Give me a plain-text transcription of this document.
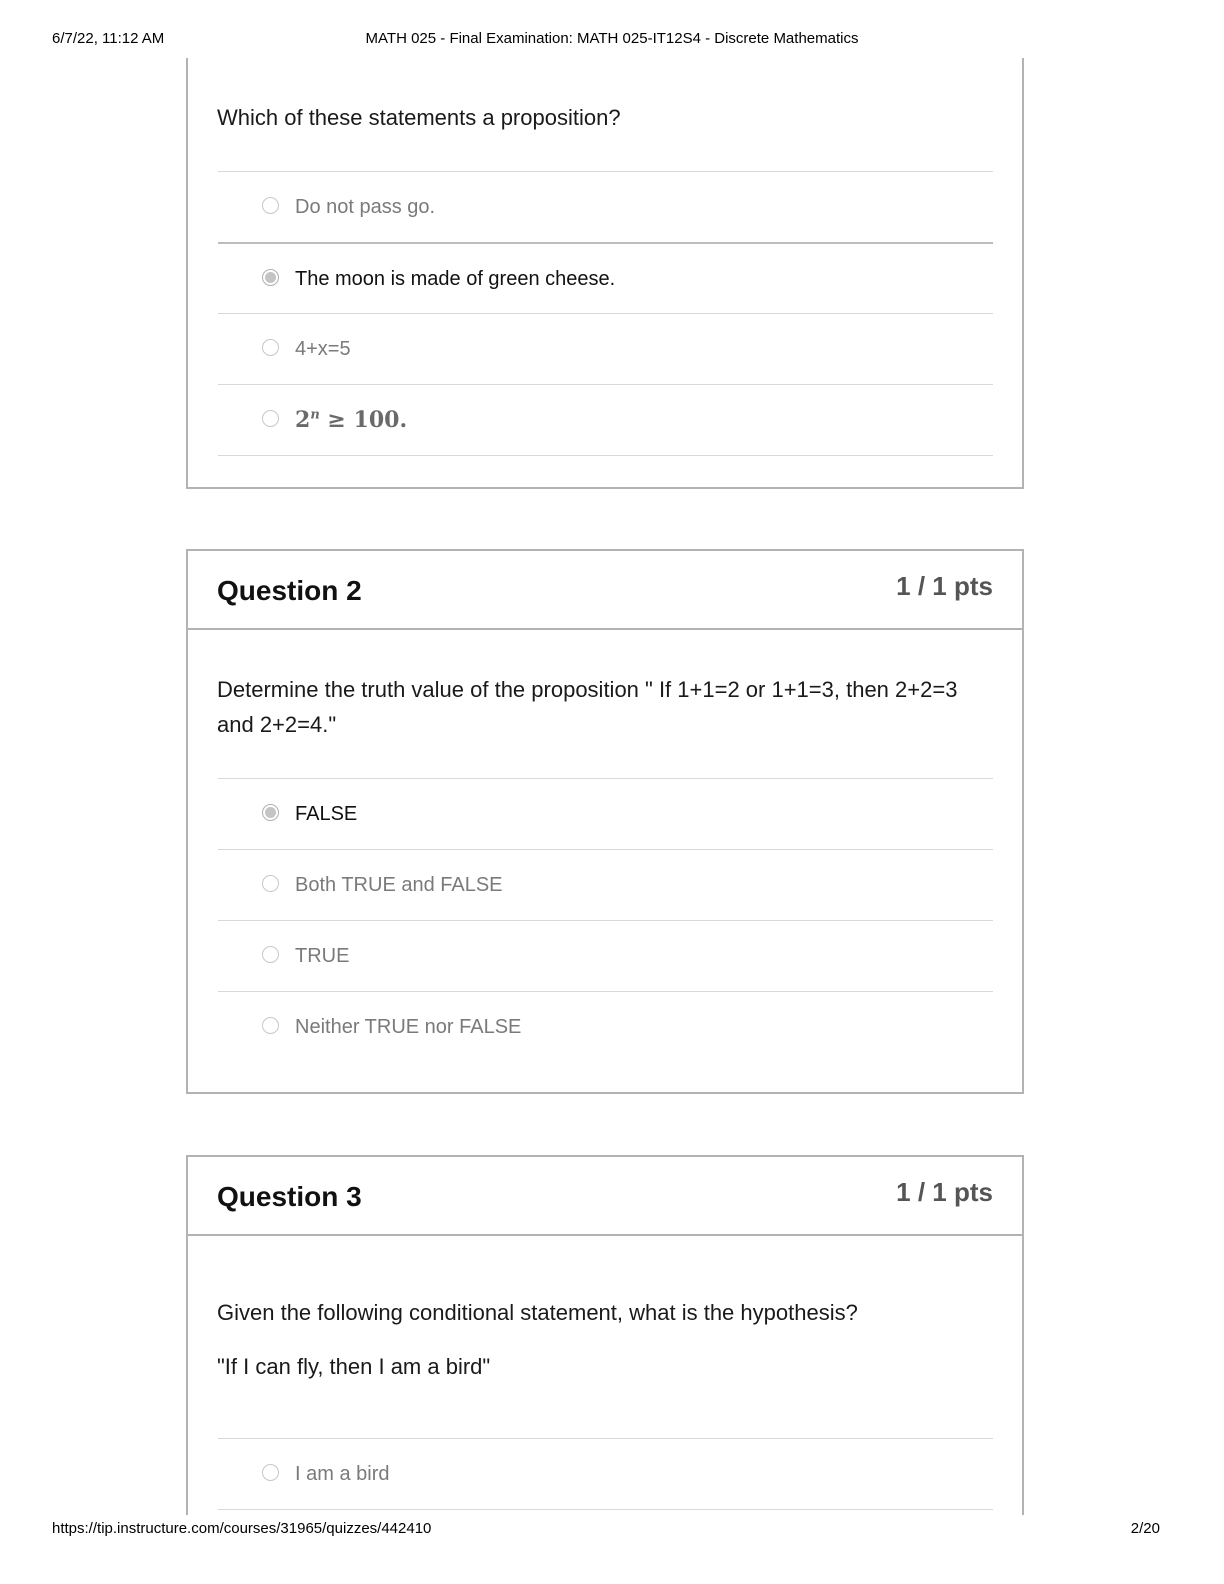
6/7/22, 11:12 AM	MATH 025 - Final Examination: MATH 025-IT12S4 - Discrete Mathematics

Which of these statements a proposition?

Do not pass go.
The moon is made of green cheese.
4+x=5
$2^n \ge 100$.
Question 2	1 / 1 pts

Determine the truth value of the proposition " If 1+1=2 or 1+1=3, then 2+2=3 and 2+2=4."

FALSE
Both TRUE and FALSE
TRUE
Neither TRUE nor FALSE
Question 3	1 / 1 pts

Given the following conditional statement, what is the hypothesis?

"If I can fly, then I am a bird"

I am a bird
https://tip.instructure.com/courses/31965/quizzes/442410	2/20
